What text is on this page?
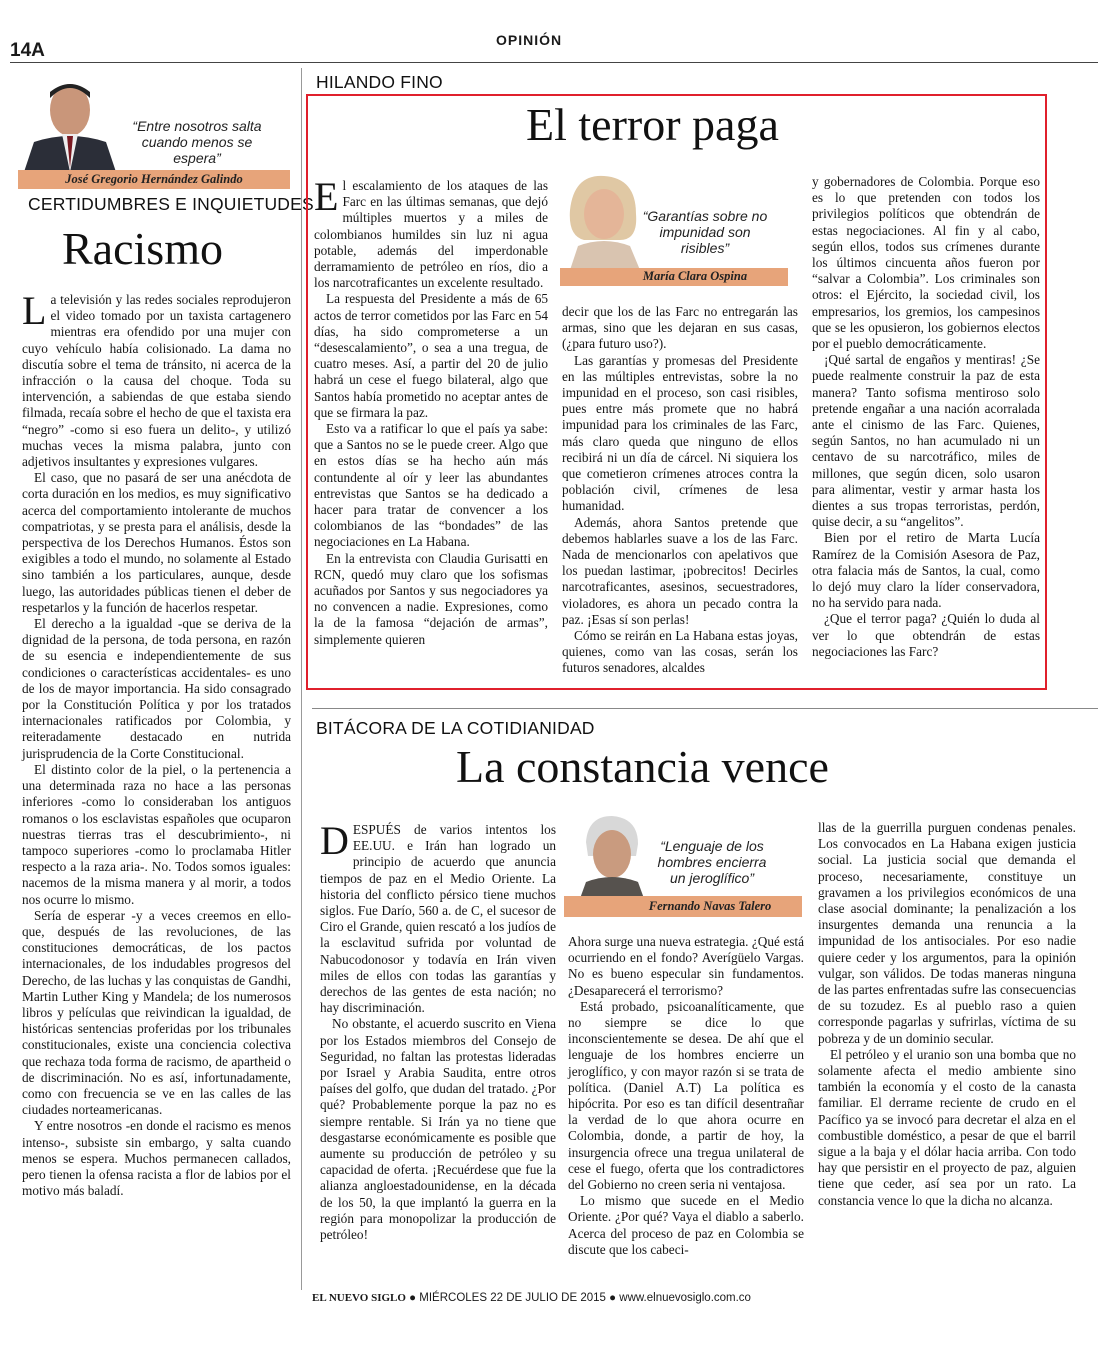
14A	OPINIÓN
“Entre nosotros salta cuando menos se espera”
José Gregorio Hernández Galindo
CERTIDUMBRES E INQUIETUDES
Racismo

La televisión y las redes sociales reprodujeron el video tomado por un taxista cartagenero mientras era ofendido por una mujer con cuyo vehículo había colisionado. La dama no discutía sobre el tema de tránsito, ni acerca de la infracción o la causa del choque. Toda su intervención, a sabiendas de que estaba siendo filmada, recaía sobre el hecho de que el taxista era “negro” -como si eso fuera un delito-, y utilizó muchas veces la misma palabra, junto con adjetivos insultantes y expresiones vulgares.

El caso, que no pasará de ser una anécdota de corta duración en los medios, es muy significativo acerca del comportamiento intolerante de muchos compatriotas, y se presta para el análisis, desde la perspectiva de los Derechos Humanos. Éstos son exigibles a todo el mundo, no solamente al Estado sino también a los particulares, aunque, desde luego, las autoridades públicas tienen el deber de respetarlos y la función de hacerlos respetar.

El derecho a la igualdad -que se deriva de la dignidad de la persona, de toda persona, en razón de su esencia e independientemente de sus condiciones o características accidentales- es uno de los de mayor importancia. Ha sido consagrado por la Constitución Política y por los tratados internacionales ratificados por Colombia, y reiteradamente destacado en nutrida jurisprudencia de la Corte Constitucional.

El distinto color de la piel, o la pertenencia a una determinada raza no hace a las personas inferiores -como lo consideraban los antiguos romanos o los esclavistas españoles que ocuparon nuestras tierras tras el descubrimiento-, ni tampoco superiores -como lo proclamaba Hitler respecto a la raza aria-. No. Todos somos iguales: nacemos de la misma manera y al morir, a todos nos ocurre lo mismo.

Sería de esperar -y a veces creemos en ello- que, después de las revoluciones, de las constituciones democráticas, de los pactos internacionales, de los indudables progresos del Derecho, de las luchas y las conquistas de Gandhi, Martin Luther King y Mandela; de los numerosos libros y películas que reivindican la igualdad, de históricas sentencias proferidas por los tribunales constitucionales, existe una conciencia colectiva que rechaza toda forma de racismo, de apartheid o de discriminación. No es así, infortunadamente, como con frecuencia se ve en las calles de las ciudades norteamericanas.

Y entre nosotros -en donde el racismo es menos intenso-, subsiste sin embargo, y salta cuando menos se espera. Muchos permanecen callados, pero tienen la ofensa racista a flor de labios por el motivo más baladí.

HILANDO FINO
El terror paga
“Garantías sobre no impunidad son risibles”
María Clara Ospina

El escalamiento de los ataques de las Farc en las últimas semanas, que dejó múltiples muertos y a miles de colombianos humildes sin luz ni agua potable, además del imperdonable derramamiento de petróleo en ríos, dio a los narcotraficantes un excelente resultado.

La respuesta del Presidente a más de 65 actos de terror cometidos por las Farc en 54 días, ha sido comprometerse a un “desescalamiento”, o sea a una tregua, de cuatro meses. Así, a partir del 20 de julio habrá un cese el fuego bilateral, algo que Santos había prometido no aceptar antes de que se firmara la paz.

Esto va a ratificar lo que el país ya sabe: que a Santos no se le puede creer. Algo que en estos días se ha hecho aún más contundente al oír y leer las abundantes entrevistas que Santos se ha dedicado a hacer para tratar de convencer a los colombianos de las “bondades” de las negociaciones en La Habana.

En la entrevista con Claudia Gurisatti en RCN, quedó muy claro que los sofismas acuñados por Santos y sus negociadores ya no convencen a nadie. Expresiones, como la de la famosa “dejación de armas”, simplemente quieren

decir que los de las Farc no entregarán las armas, sino que les dejaran en sus casas, (¿para futuro uso?).

Las garantías y promesas del Presidente en las múltiples entrevistas, sobre la no impunidad en el proceso, son casi risibles, pues entre más promete que no habrá impunidad para los criminales de las Farc, más claro queda que ninguno de ellos recibirá ni un día de cárcel. Ni siquiera los que cometieron crímenes atroces contra la población civil, crímenes de lesa humanidad.

Además, ahora Santos pretende que debemos hablarles suave a los de las Farc. Nada de mencionarlos con apelativos que los puedan lastimar, ¡pobrecitos! Decirles narcotraficantes, asesinos, secuestradores, violadores, es ahora un pecado contra la paz. ¡Esas sí son perlas!

Cómo se reirán en La Habana estas joyas, quienes, como van las cosas, serán los futuros senadores, alcaldes

y gobernadores de Colombia. Porque eso es lo que pretenden con todos los privilegios políticos que obtendrán de estas negociaciones. Al fin y al cabo, según ellos, todos sus crímenes durante los últimos cincuenta años fueron por “salvar a Colombia”. Los criminales son otros: el Ejército, la sociedad civil, los empresarios, los gremios, los campesinos que se les opusieron, los gobiernos electos por el pueblo democráticamente.

¡Qué sartal de engaños y mentiras! ¿Se puede realmente construir la paz de esta manera? Tanto sofisma mentiroso solo pretende engañar a una nación acorralada ante el cinismo de las Farc. Quienes, según Santos, no han acumulado ni un centavo de su narcotráfico, miles de millones, que según dicen, solo usaron para alimentar, vestir y armar hasta los dientes a sus tropas terroristas, perdón, quise decir, a su “angelitos”.

Bien por el retiro de Marta Lucía Ramírez de la Comisión Asesora de Paz, otra falacia más de Santos, la cual, como lo dejó muy claro la líder conservadora, no ha servido para nada.

¿Que el terror paga? ¿Quién lo duda al ver lo que obtendrán de estas negociaciones las Farc?

BITÁCORA DE LA COTIDIANIDAD
La constancia vence
“Lenguaje de los hombres encierra un jeroglífico”
Fernando Navas Talero

DESPUÉS de varios intentos los EE.UU. e Irán han logrado un principio de acuerdo que anuncia tiempos de paz en el Medio Oriente. La historia del conflicto pérsico tiene muchos siglos. Fue Darío, 560 a. de C, el sucesor de Ciro el Grande, quien rescató a los judíos de la esclavitud sufrida por voluntad de Nabucodonosor y todavía en Irán viven miles de ellos con todas las garantías y derechos de las gentes de esta nación; no hay discriminación.

No obstante, el acuerdo suscrito en Viena por los Estados miembros del Consejo de Seguridad, no faltan las protestas lideradas por Israel y Arabia Saudita, entre otros países del golfo, que dudan del tratado. ¿Por qué? Probablemente porque la paz no es siempre rentable. Si Irán ya no tiene que desgastarse económicamente es posible que aumente su producción de petróleo y su capacidad de oferta. ¡Recuérdese que fue la alianza angloestadounidense, en la década de los 50, la que implantó la guerra en la región para monopolizar la producción de petróleo!

Ahora surge una nueva estrategia. ¿Qué está ocurriendo en el fondo? Averígüelo Vargas. No es bueno especular sin fundamentos. ¿Desaparecerá el terrorismo?

Está probado, psicoanalíticamente, que no siempre se dice lo que inconscientemente se desea. De ahí que el lenguaje de los hombres encierre un jeroglífico, y con mayor razón si se trata de política. (Daniel A.T) La política es hipócrita. Por eso es tan difícil desentrañar la verdad de lo que ahora ocurre en Colombia, donde, a partir de hoy, la insurgencia ofrece una tregua unilateral de cese el fuego, oferta que los contradictores del Gobierno no creen seria ni ventajosa.

Lo mismo que sucede en el Medio Oriente. ¿Por qué? Vaya el diablo a saberlo. Acerca del proceso de paz en Colombia se discute que los cabeci-

llas de la guerrilla purguen condenas penales. Los convocados en La Habana exigen justicia social. La justicia social que demanda el proceso, necesariamente, constituye un gravamen a los privilegios económicos de una clase asocial dominante; la penalización a los insurgentes demanda una renuncia a la impunidad de los antisociales. Por eso nadie quiere ceder y los argumentos, para la opinión vulgar, son válidos. De todas maneras ninguna de las partes enfrentadas sufre las consecuencias de su tozudez. Es al pueblo raso a quien corresponde pagarlas y sufrirlas, víctima de su pobreza y de un dominio secular.

El petróleo y el uranio son una bomba que no solamente afecta el medio ambiente sino también la economía y el costo de la canasta familiar. El derrame reciente de crudo en el Pacífico ya se invocó para decretar el alza en el combustible doméstico, a pesar de que el barril sigue a la baja y el dólar hacia arriba. Con todo hay que persistir en el proyecto de paz, alguien tiene que ceder, así sea por un rato. La constancia vence lo que la dicha no alcanza.

EL NUEVO SIGLO ● MIÉRCOLES 22 DE JULIO DE 2015 ● www.elnuevosiglo.com.co
